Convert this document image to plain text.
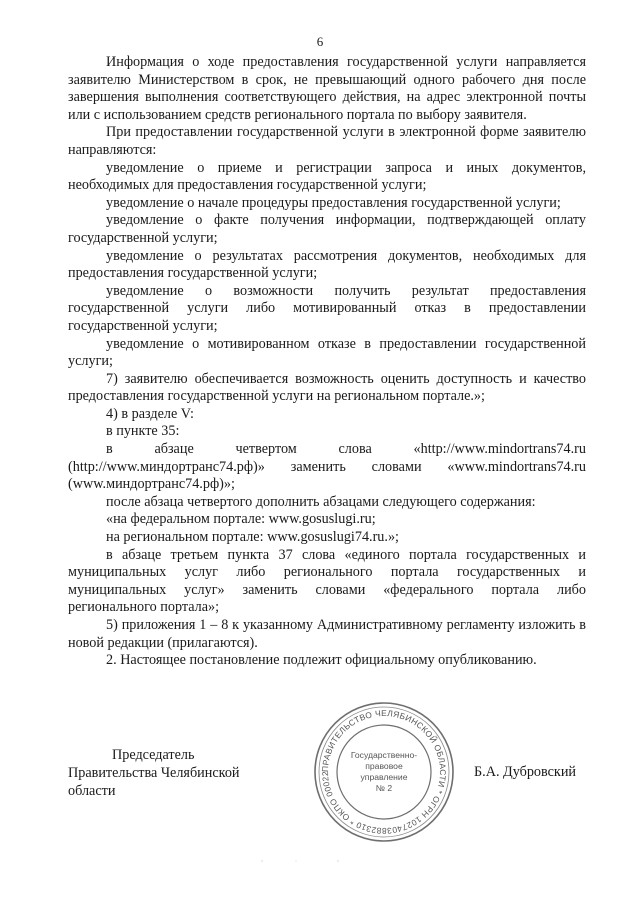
6

Информация о ходе предоставления государственной услуги направляется заявителю Министерством в срок, не превышающий одного рабочего дня после завершения выполнения соответствующего действия, на адрес электронной почты или с использованием средств регионального портала по выбору заявителя.

При предоставлении государственной услуги в электронной форме заявителю направляются:

уведомление о приеме и регистрации запроса и иных документов, необходимых для предоставления государственной услуги;

уведомление о начале процедуры предоставления государственной услуги;

уведомление о факте получения информации, подтверждающей оплату государственной услуги;

уведомление о результатах рассмотрения документов, необходимых для предоставления государственной услуги;

уведомление о возможности получить результат предоставления государственной услуги либо мотивированный отказ в предоставлении государственной услуги;

уведомление о мотивированном отказе в предоставлении государственной услуги;

7) заявителю обеспечивается возможность оценить доступность и качество предоставления государственной услуги на региональном портале.»;

4) в разделе V:

в пункте 35:

в абзаце четвертом слова «http://www.mindortrans74.ru (http://www.миндортранс74.рф)» заменить словами «www.mindortrans74.ru (www.миндортранс74.рф)»;

после абзаца четвертого дополнить абзацами следующего содержания:

«на федеральном портале: www.gosuslugi.ru;

на региональном портале: www.gosuslugi74.ru.»;

в абзаце третьем пункта 37 слова «единого портала государственных и муниципальных услуг либо регионального портала государственных и муниципальных услуг» заменить словами «федерального портала либо регионального портала»;

5) приложения 1 – 8 к указанному Административному регламенту изложить в новой редакции (прилагаются).

2. Настоящее постановление подлежит официальному опубликованию.

Председатель
Правительства Челябинской области
ПРАВИТЕЛЬСТВО ЧЕЛЯБИНСКОЙ ОБЛАСТИ * ОГРН 1027403882310 * ОКПО 00022
Государственно-
правовое
управление
№ 2
Б.А. Дубровский
